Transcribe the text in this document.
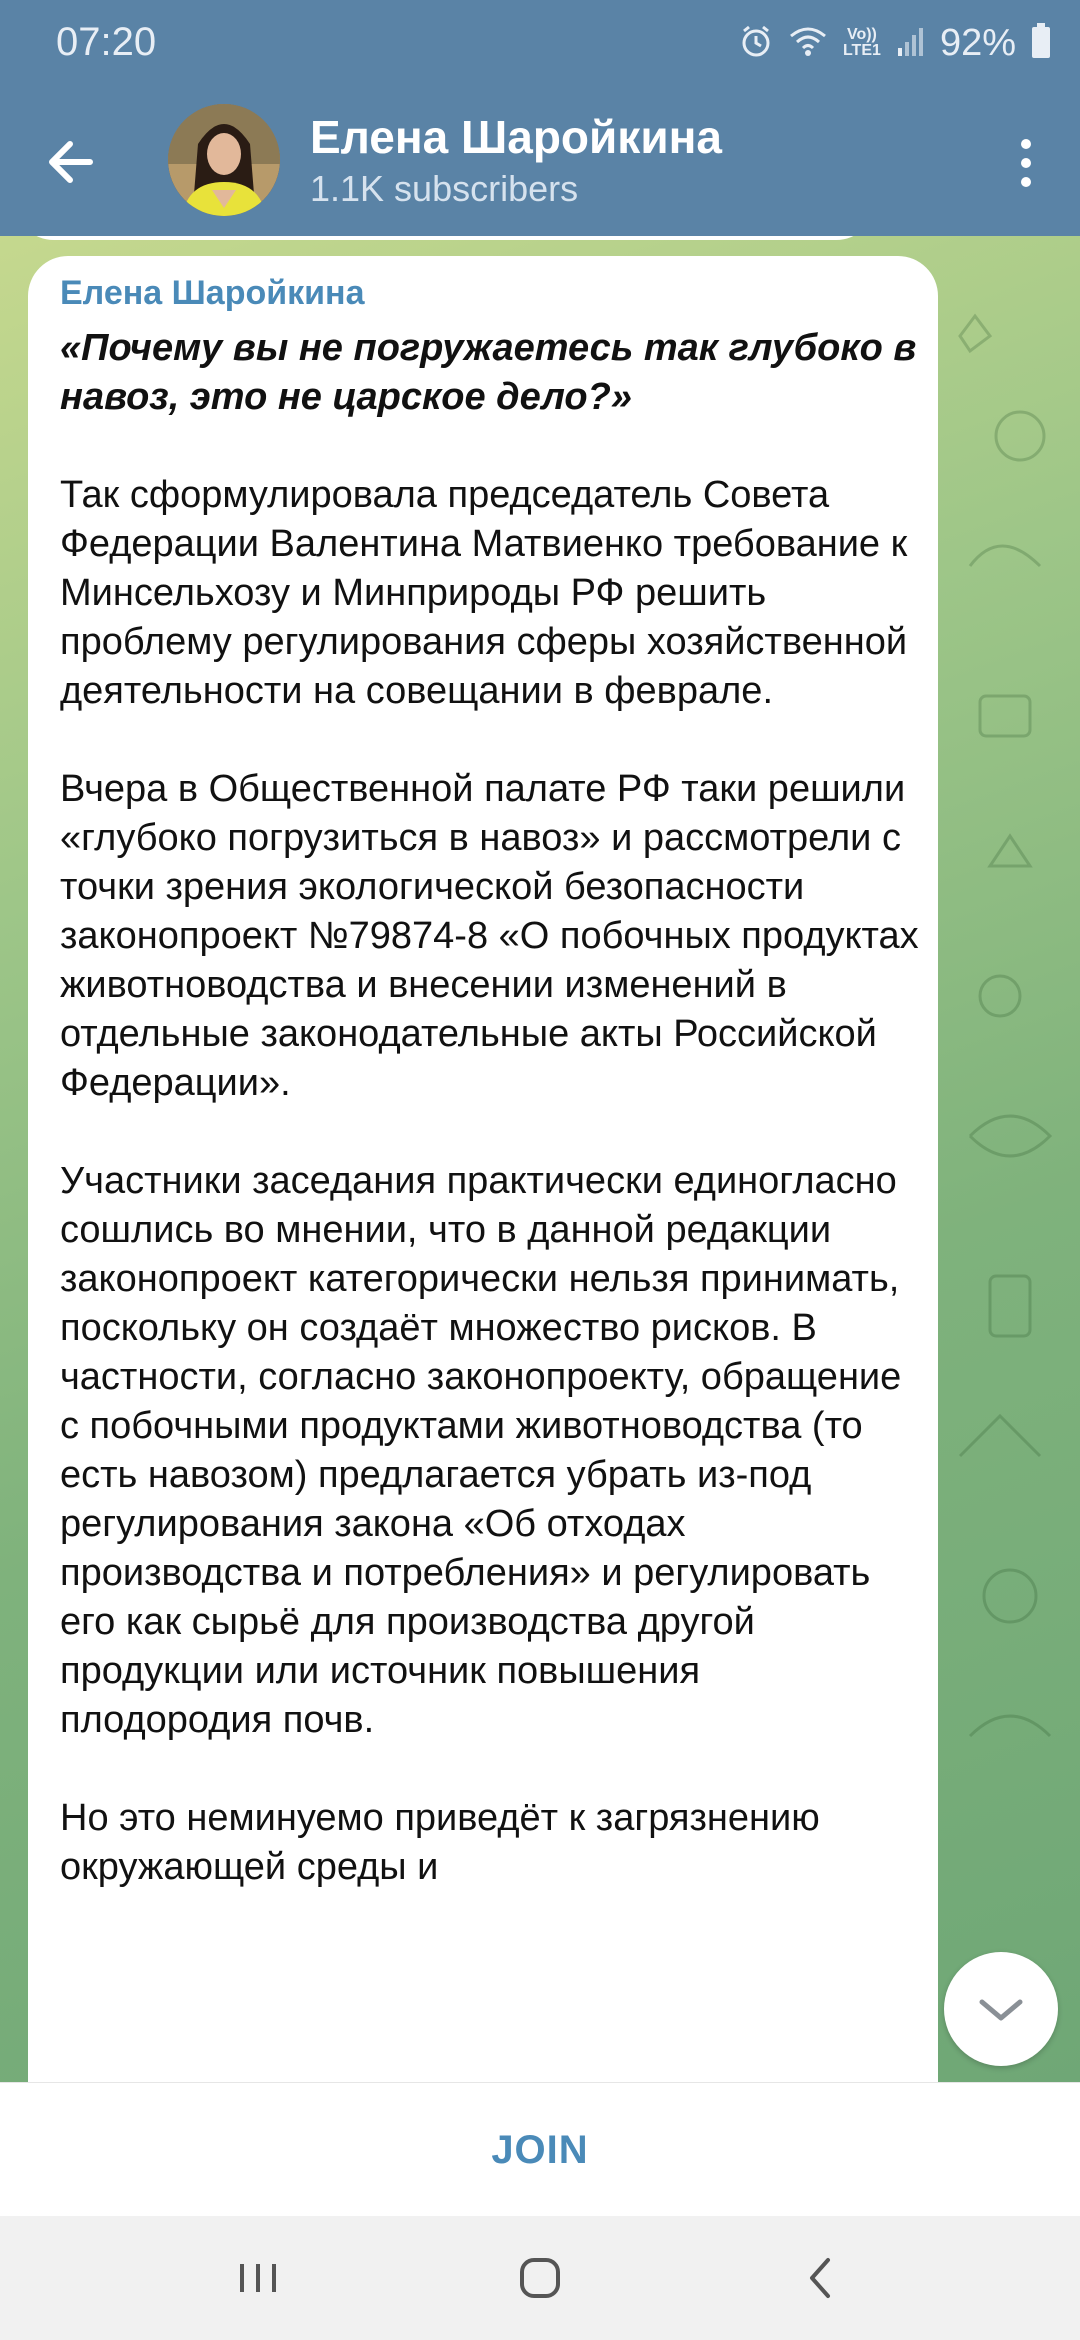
07:20	Vo)) LTE1 92%
Елена Шаройкина
1.1K subscribers
Елена Шаройкина

«Почему вы не погружаетесь так глубоко в навоз, это не царское дело?»

Так сформулировала председатель Совета Федерации Валентина Матвиенко требование к Минсельхозу и Минприроды РФ решить проблему регулирования сферы хозяйственной деятельности на совещании в феврале.

Вчера в Общественной палате РФ таки решили «глубоко погрузиться в навоз» и рассмотрели с точки зрения экологической безопасности законопроект №79874-8 «О побочных продуктах животноводства и внесении изменений в отдельные законодательные акты Российской Федерации».

Участники заседания практически единогласно сошлись во мнении, что в данной редакции законопроект категорически нельзя принимать, поскольку он создаёт множество рисков. В частности, согласно законопроекту, обращение с побочными продуктами животноводства (то есть навозом) предлагается убрать из-под регулирования закона «Об отходах производства и потребления» и регулировать его как сырьё для производства другой продукции или источник повышения плодородия почв.

Но это неминуемо приведёт к загрязнению окружающей среды и

JOIN
